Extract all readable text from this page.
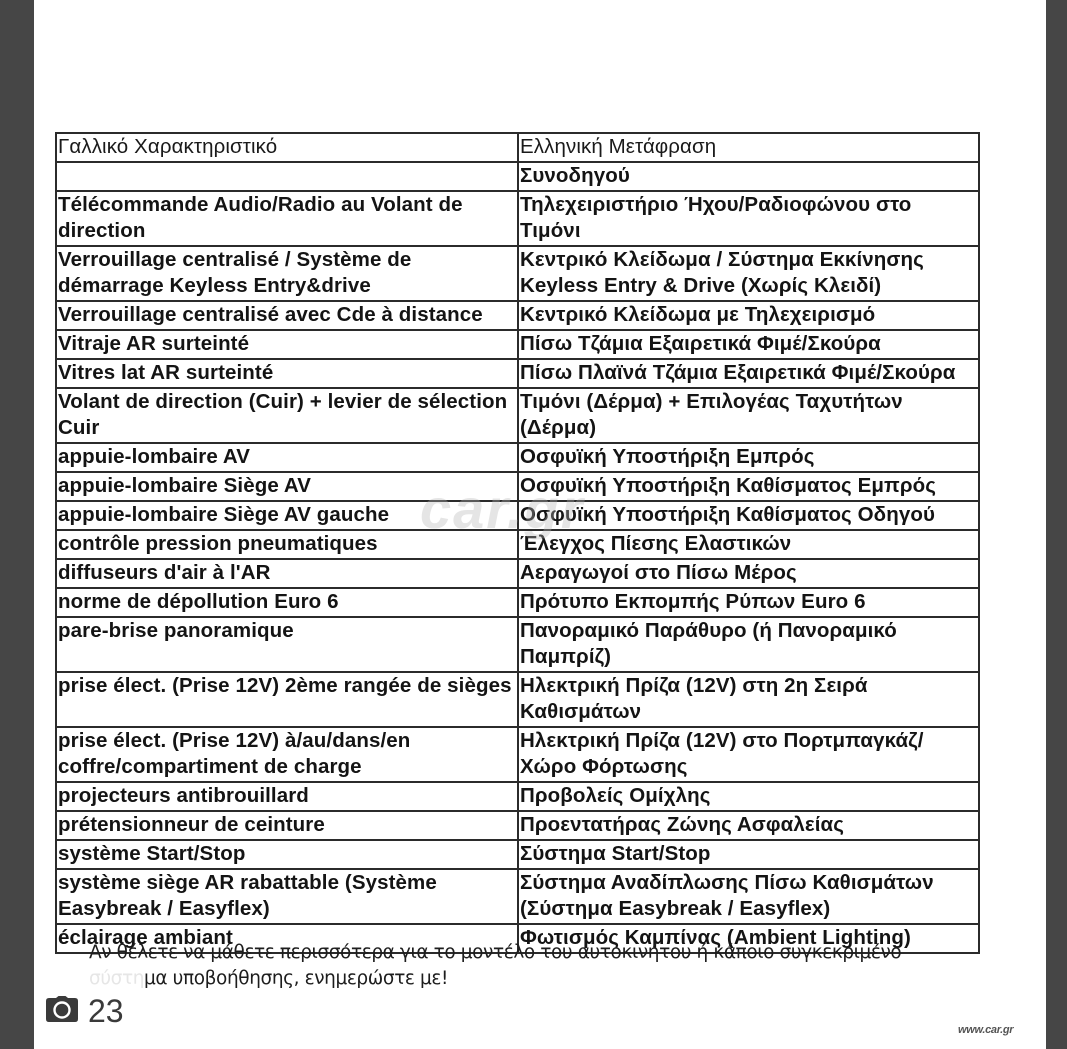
Γαλλικό Χαρακτηριστικό	Ελληνική Μετάφραση
	Συνοδηγού
Télécommande Audio/Radio au Volant de direction	Τηλεχειριστήριο Ήχου/Ραδιοφώνου στο Τιμόνι
Verrouillage centralisé / Système de démarrage Keyless Entry&drive	Κεντρικό Κλείδωμα / Σύστημα Εκκίνησης Keyless Entry & Drive (Χωρίς Κλειδί)
Verrouillage centralisé avec Cde à distance	Κεντρικό Κλείδωμα με Τηλεχειρισμό
Vitraje AR surteinté	Πίσω Τζάμια Εξαιρετικά Φιμέ/Σκούρα
Vitres lat AR surteinté	Πίσω Πλαϊνά Τζάμια Εξαιρετικά Φιμέ/Σκούρα
Volant de direction (Cuir) + levier de sélection Cuir	Τιμόνι (Δέρμα) + Επιλογέας Ταχυτήτων (Δέρμα)
appuie-lombaire AV	Οσφυϊκή Υποστήριξη Εμπρός
appuie-lombaire Siège AV	Οσφυϊκή Υποστήριξη Καθίσματος Εμπρός
appuie-lombaire Siège AV gauche	Οσφυϊκή Υποστήριξη Καθίσματος Οδηγού
contrôle pression pneumatiques	Έλεγχος Πίεσης Ελαστικών
diffuseurs d'air à l'AR	Αεραγωγοί στο Πίσω Μέρος
norme de dépollution Euro 6	Πρότυπο Εκπομπής Ρύπων Euro 6
pare-brise panoramique	Πανοραμικό Παράθυρο (ή Πανοραμικό Παμπρίζ)
prise élect. (Prise 12V) 2ème rangée de sièges	Ηλεκτρική Πρίζα (12V) στη 2η Σειρά Καθισμάτων
prise élect. (Prise 12V) à/au/dans/en coffre/compartiment de charge	Ηλεκτρική Πρίζα (12V) στο Πορτμπαγκάζ/Χώρο Φόρτωσης
projecteurs antibrouillard	Προβολείς Ομίχλης
prétensionneur de ceinture	Προεντατήρας Ζώνης Ασφαλείας
système Start/Stop	Σύστημα Start/Stop
système siège AR rabattable (Système Easybreak / Easyflex)	Σύστημα Αναδίπλωσης Πίσω Καθισμάτων (Σύστημα Easybreak / Easyflex)
éclairage ambiant	Φωτισμός Καμπίνας (Ambient Lighting)
car.gr
Αν θέλετε να μάθετε περισσότερα για το μοντέλο του αυτοκινήτου ή κάποιο συγκεκριμένο
σύστημα υποβοήθησης, ενημερώστε με!
23
www.car.gr
